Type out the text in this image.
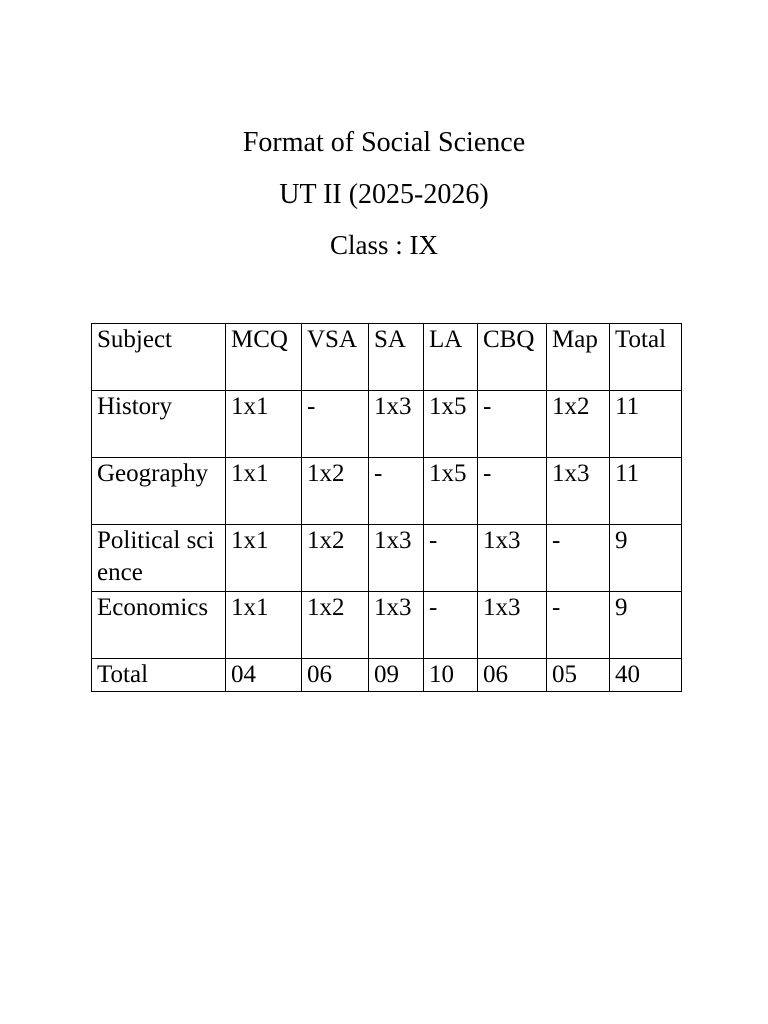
Format of Social Science
UT II (2025-2026)
Class : IX
Subject	MCQ	VSA	SA	LA	CBQ	Map	Total
History	1x1	-	1x3	1x5	-	1x2	11
Geography	1x1	1x2	-	1x5	-	1x3	11
Political science	1x1	1x2	1x3	-	1x3	-	9
Economics	1x1	1x2	1x3	-	1x3	-	9
Total	04	06	09	10	06	05	40
